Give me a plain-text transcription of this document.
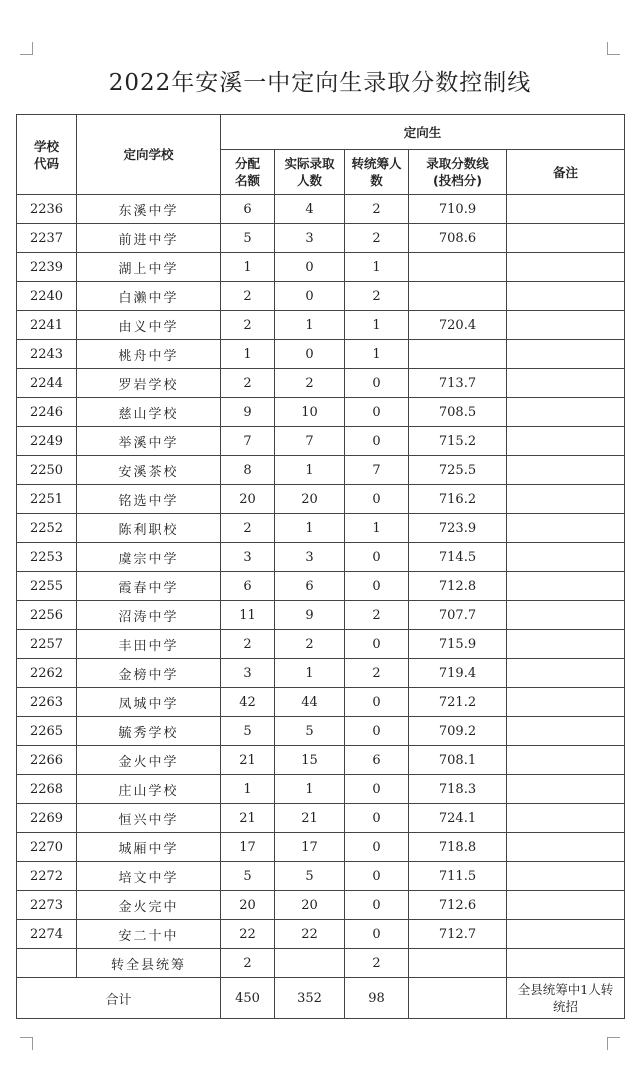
2022年安溪一中定向生录取分数控制线
学校代码	定向学校	定向生				
		分配名额	实际录取人数	转统筹人数	录取分数线(投档分)	备注
2236	东溪中学	6	4	2	710.9	
2237	前进中学	5	3	2	708.6	
2239	湖上中学	1	0	1		
2240	白濑中学	2	0	2		
2241	由义中学	2	1	1	720.4	
2243	桃舟中学	1	0	1		
2244	罗岩学校	2	2	0	713.7	
2246	慈山学校	9	10	0	708.5	
2249	举溪中学	7	7	0	715.2	
2250	安溪茶校	8	1	7	725.5	
2251	铭选中学	20	20	0	716.2	
2252	陈利职校	2	1	1	723.9	
2253	虞宗中学	3	3	0	714.5	
2255	霞春中学	6	6	0	712.8	
2256	沼涛中学	11	9	2	707.7	
2257	丰田中学	2	2	0	715.9	
2262	金榜中学	3	1	2	719.4	
2263	凤城中学	42	44	0	721.2	
2265	毓秀学校	5	5	0	709.2	
2266	金火中学	21	15	6	708.1	
2268	庄山学校	1	1	0	718.3	
2269	恒兴中学	21	21	0	724.1	
2270	城厢中学	17	17	0	718.8	
2272	培文中学	5	5	0	711.5	
2273	金火完中	20	20	0	712.6	
2274	安二十中	22	22	0	712.7	
	转全县统筹	2		2		
合计		450	352	98		全县统筹中1人转统招
